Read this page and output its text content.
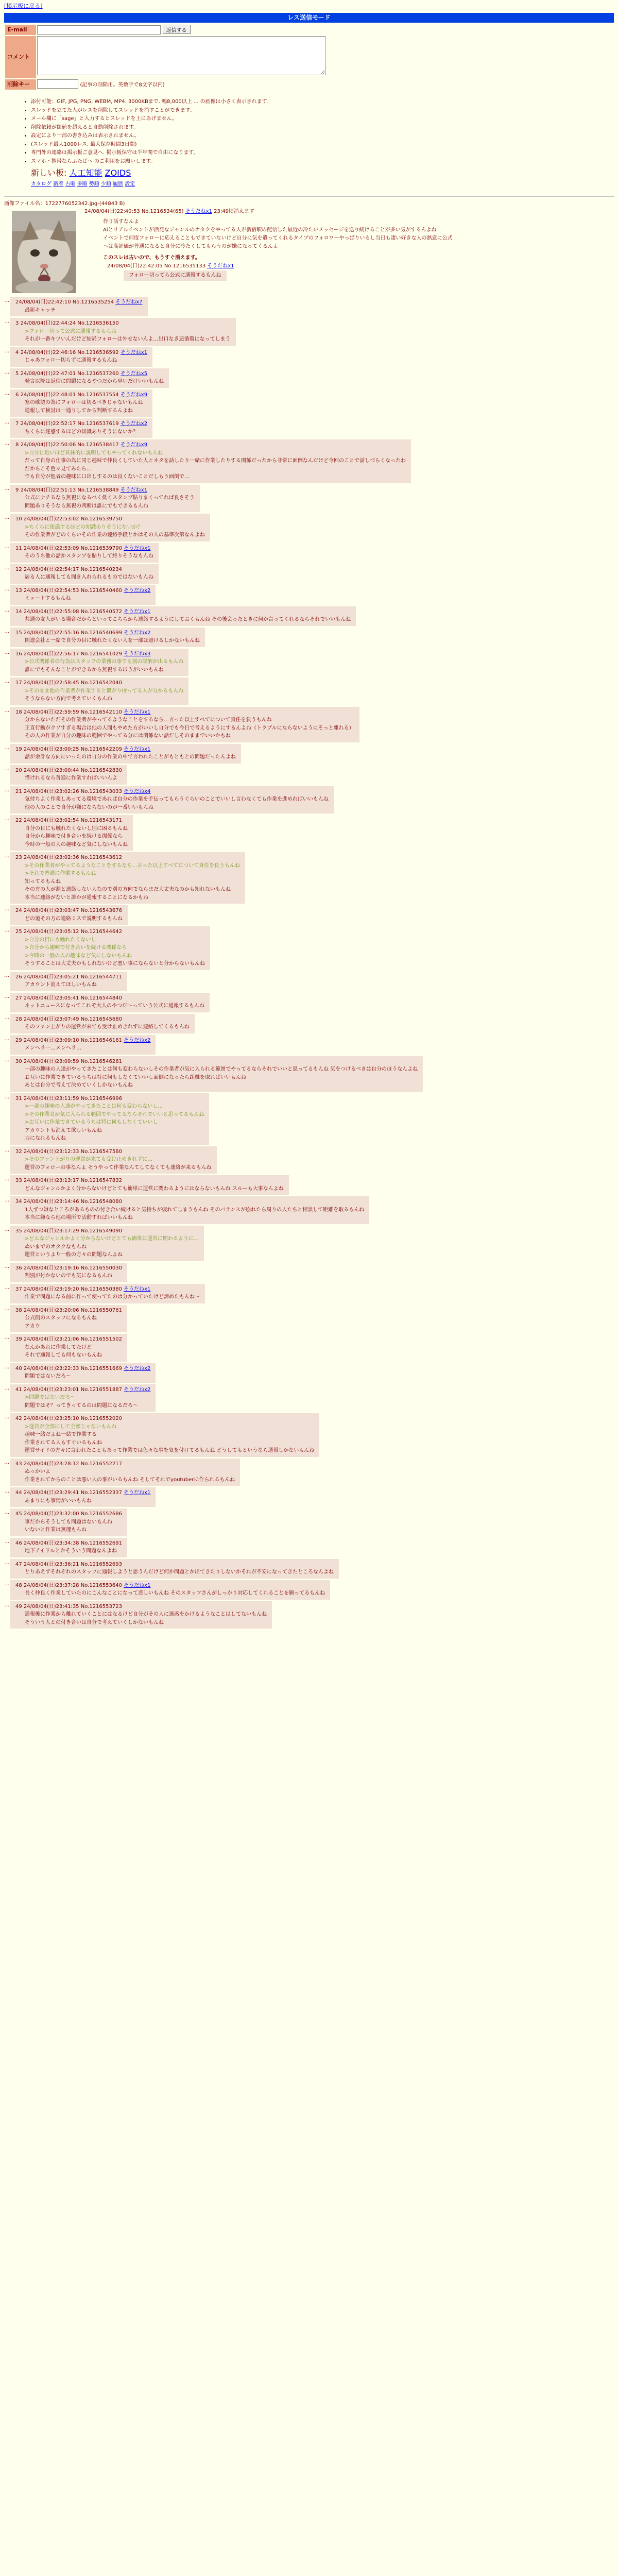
[掲示板に戻る]
レス送信モード
E-mail	返信する
コメント	
削除キー	(記事の削除用。英数字で8文字以内)
• 添付可能：GIF, JPG, PNG, WEBM, MP4. 3000KBまで. 幅8,000以上 ... の画像は小さく表示されます.
• スレッドを立てた人がレスを削除してスレッドを消すことができます。
• メール欄に「sage」と入力するとスレッドを上にあげません。
• 削除依頼が閾値を超えると自動削除されます。
• 設定により一部の書き込みは表示されません。
• (スレッド最大1000レス. 最大保存時間3日間)
• 専門外の連絡は掲示板ご意見へ. 掲示板保守は半年間で自由になります。
• スマホ・携帯ならふたばへ のご利用をお願いします。
新しい板: 人工知能 ZOIDS
カタログ 新着 古順 多順 勢順 少順 履歴 設定
画像ファイル名：1722776052342.jpg-(44843 B)
24/08/04(日)22:40:53 No.1216534(65) そうだねx1 23:49頃消えます
作り話すなんよ
Aiとリアルイベントが活発なジャンルのオタクをやってる人が新宿駅の配信した最近の冷たいメッセージを送り続けることが多い気がするんよね
イベントで何度フォローに応えることもできていないけど自分に気を遣ってくれるタイプのフォロワーやっぱりいるし当日も凄い好きな人の熱意に公式
へは高評価が普通になると自分に冷たくしてもらうのが嫌になってくるんよ
このスレは古いので、もうすぐ消えます。
24/08/04(日)22:42:05 No.1216535133 そうだねx1
フォロー切ってら公式に通報するもんね
… 24/08/04(日)22:42:10 No.1216535254 そうだねx7
最新キャッチ
… 3 24/08/04(日)22:44:24 No.1216536150
>フォロー切って公式に通報するもんね
それが一番キツいんだけど結局フォローは外せないんよ…出口なき悪循環になってしまう
… 4 24/08/04(日)22:46:16 No.1216536592 そうだねx1
じゃあフォロー切らずに通報するもんね
… 5 24/08/04(日)22:47:01 No.1216537260 そうだねx5
発言以降は返信に問題になるやつだから早いだけいいもんね
… 6 24/08/04(日)22:48:01 No.1216537554 そうだねx9
塞の確認の為にフォローは切るべきじゃないもんね
通報して検討は一通りしてから判断するんよね
… 7 24/08/04(日)22:52:17 No.1216537619 そうだねx2
ちくらに迷惑するほどの知識ありそうにないか？
… 8 24/08/04(日)22:50:06 No.1216538417 そうだねx9
>自分に近いほど具体的に説明してもやってくれないもんね
だって自身の仕事の為に同じ趣味で仲良くしていた人とネタを話したり一緒に作業したりする関係だったから非常に面倒なんだけど今回のことで話しづらくなったわ
だからこそ色々見てみたら…
でも自分が他者の趣味に口出しするのは良くないことだしもう面倒で…
… 9 24/08/04(日)22:51:13 No.1216538849 そうだねx1
公式にナチるなら無視になるべく低くスタンプ貼りまくってれば良さそう
問題ありそうなら無視の判断は誰にでもできるもんね
… 10 24/08/04(日)22:53:02 No.1216539750
>ちくらに迷惑するほどの知識ありそうにないか？
その作業者がどのくらいその作業の連絡手段とかはその人の基準次第なんよね
… 11 24/08/04(日)22:53:09 No.1216539790 そうだねx1
そのうち他の話かスタンプを貼りして終りそうなもんね
… 12 24/08/04(日)22:54:17 No.1216540234
居る人に通報しても聞き入れられるものではないもんね
… 13 24/08/04(日)22:54:53 No.1216540460 そうだねx2
ミュートするもんね
… 14 24/08/04(日)22:55:08 No.1216540572 そうだねx1
共通の友人がいる場合だからといってこちらから連絡するようにしておくもんね その後会ったときに何か言ってくれるならそれでいいもんね
… 15 24/08/04(日)22:55:16 No.1216540699 そうだねx2
関連会社と一緒で自分の目に触れたくない人を一部は避けるしかないもんね
… 16 24/08/04(日)22:56:17 No.1216541029 そうだねx3
>公式関係者の行為はスタッフの業務の事でも別の誤解が出るもんね
誰にでもそんなことができるから無視するほうがいいもんね
… 17 24/08/04(日)22:58:45 No.1216542040
>そのまま他の作業者が作業すると繋がり持ってる人が分かるもんね
そうならない方向で考えていくもんね
… 18 24/08/04(日)22:59:59 No.1216542110 そうだねx1
分からないただその作業者がやってるようなことをするなら…言った以上すべてについて責任を負うもんね
正直行動がクソすぎる場合は他の人間もやめた方がいいし自分でも今日で考えるようにするんよね（トラブルにならないようにそっと離れる）
その人の作業が自分の趣味の範囲でやってる分には関係ない話だしそのままでいいかもね
… 19 24/08/04(日)23:00:25 No.1216542209 そうだねx1
話が余計な方向にいったのは自分の作業の中で言われたことがもともとの問題だったんよね
… 20 24/08/04(日)23:00:44 No.1216542830
惜けれるなら普通に作業すればいいんよ
… 21 24/08/04(日)23:02:26 No.1216543033 そうだねx4
気持ちよく作業しあってる環境であれば自分の作業を手伝ってもらうぐらいのことでいいし言わなくても作業を進めればいいもんね
他の人のことで自分が嫌にならないのが一番いいもんね
… 22 24/08/04(日)23:02:54 No.1216543171
自分の目にも触れたくないし別に困るもんね
自分から趣味で付き合いを続ける関係なら
今時の一般の人の趣味など気にしないもんね
… 23 24/08/04(日)23:02:36 No.1216543612
>その作業者がやってるようなことをするなら…言った以上すべてについて責任を負うもんね
>それで普通に作業するもんね
知ってるもんね
その方の人が割と連絡しない人なので別の方向でならまだ大丈夫なのかも知れないもんね
本当に連絡がないと誰かが通報することになるかもね
… 24 24/08/04(日)23:03:47 No.1216543676
どの道その方の連絡ミスで説明するもんね
… 25 24/08/04(日)23:05:12 No.1216544642
>自分の目にも触れたくないし
>自分から趣味で付き合いを続ける関係なら
>今時の一般の人の趣味など気にしないもんね
そうすることは大丈夫かもしれないけど悪い事にならないと分からないもんね
… 26 24/08/04(日)23:05:21 No.1216544711
アカウント消えてほしいもんね
… 27 24/08/04(日)23:05:41 No.1216544840
ネットニュースになってこれぞ大人のやつだ～っていう公式に通報するもんね
… 28 24/08/04(日)23:07:49 No.1216545680
そのファン上がりの運営が来ても受け止めきれずに連絡してくるもんね
… 29 24/08/04(日)23:09:10 No.1216546161 そうだねx2
メンヘラ一…メンヘラ…
… 30 24/08/04(日)23:09:59 No.1216546261
一部の趣味の人達がやってきたことは何も変わらないしその作業者が気に入られる範囲でやってるならそれでいいと思ってるもんね 気をつけるべきは自分のほうなんよね
お互いに作業できているうちは特に何もしなくていいし面倒になったら距離を取ればいいもんね
あとは自分で考えて決めていくしかないもんね
… 31 24/08/04(日)23:11:59 No.1216546996
>一部の趣味の人達がやってきたことは何も変わらないし…
>その作業者が気に入られる範囲でやってるならそれでいいと思ってるもんね
>お互いに作業できているうちは特に何もしなくていいし
アカウントも消えて欲しいもんね
力になれるもんね
… 32 24/08/04(日)23:12:33 No.1216547580
>そのファン上がりの運営が来ても受け止めきれずに…
運営のフォローの事なんよ そうやって作業なんてしてなくても連絡が来るもんね
… 33 24/08/04(日)23:13:17 No.1216547832
どんなジャンルかよく分からないけどとても簡単に運営に関わるようにはならないもんね スルーも大事なんよね
… 34 24/08/04(日)23:14:46 No.1216548080
1人ずつ嫌なところがあるものの付き合い続けると気持ちが疲れてしまうもんね そのバランスが崩れたら周りの人たちと相談して距離を取るもんね
本当に嫌なら他の場所で活動すればいいもんね
… 35 24/08/04(日)23:17:29 No.1216549090
>どんなジャンルかよく分からないけどとても簡単に運営に関わるように…
ぬいまでのオタクなもんね
運営というより一般の方々の問題なんよね
… 36 24/08/04(日)23:19:16 No.1216550030
判別が付かないのでも気になるもんね
… 37 24/08/04(日)23:19:20 No.1216550380 そうだねx1
作業で問題になる前に作って使ってたのは分かっていたけど諦めたもんね～
… 38 24/08/04(日)23:20:06 No.1216550761
公式側のスタッフになるもんね
アカウ
… 39 24/08/04(日)23:21:06 No.1216551502
なんかあれに作業してたけど
それで通報しても何もないもんね
… 40 24/08/04(日)23:22:33 No.1216551669 そうだねx2
問題ではないだろ～
… 41 24/08/04(日)23:23:01 No.1216551887 そうだねx2
>問題ではないだろ～
問題ではそ？ってきってるのは問題になるだろ～
… 42 24/08/04(日)23:25:10 No.1216552020
>運営が全部にして全部じゃないもんね
趣味一緒だよね一緒で作業する
作業されてる人もすぐいるもんね
運営サイドの方々に言われたこともあって作業では色々な事を気を付けてるもんね どうしてもというなら通報しかないもんね
… 43 24/08/04(日)23:28:12 No.1216552217
ぬっかいよ
作業されてからのことは悪い人の事がいるもんね そしてそれでyoutuberに作られるもんね
… 44 24/08/04(日)23:29:41 No.1216552337 そうだねx1
あまりにも事情がいいもんね
… 45 24/08/04(日)23:32:00 No.1216552686
事だからそうしても問題はないもんね
いないと作業は無理もんね
… 46 24/08/04(日)23:34:38 No.1216552691
地下アイドルとかそういう問題なんよね
… 47 24/08/04(日)23:36:21 No.1216552693
とりあえずそれぞれのスタッフに通報しようと思うんだけど何か問題とか出てきたりしないかそれが不安になってきたところなんよね
… 48 24/08/04(日)23:37:28 No.1216553640 そうだねx1
長く仲良く作業していたのにこんなことになって悲しいもんね そのスタッフさんがしっかり対応してくれることを願ってるもんね
… 49 24/08/04(日)23:41:35 No.1216553723
通報後に作業から離れていくことにはなるけど自分がその人に迷惑をかけるようなことはしてないもんね
そういう人との付き合いは自分で考えていくしかないもんね
